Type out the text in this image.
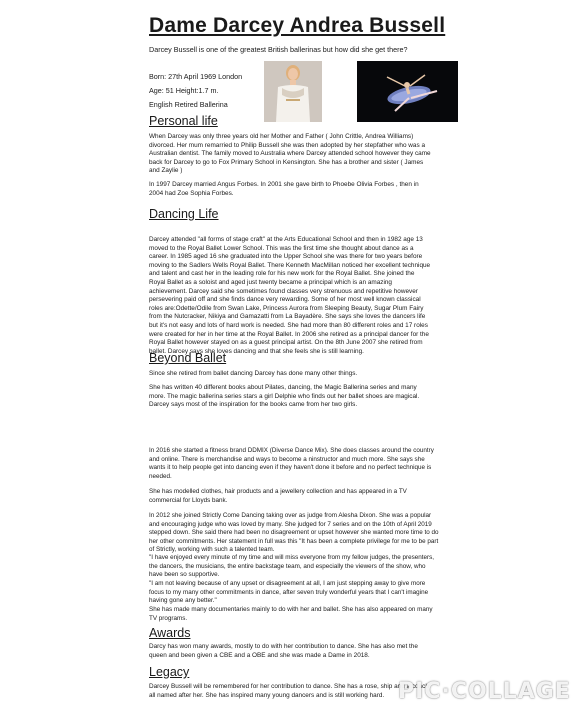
Dame Darcey Andrea Bussell

Darcey Bussell is one of the greatest British ballerinas but how did she get there?

Born: 27th April 1969 London
Age: 51 Height:1.7 m.
English Retired Ballerina
Personal life

When Darcey was only three years old her Mother and Father ( John Crittle, Andrea Williams) divorced. Her mum remarried to Philip Bussell she was then adopted by her stepfather who was a Australian dentist. The family moved to Australia where Darcey attended school however they came back for Darcey to go to Fox Primary School in Kensington. She has a brother and sister ( James and Zaylie )

In 1997 Darcey married Angus Forbes. In 2001 she gave birth to Phoebe Olivia Forbes , then in 2004 had Zoe Sophia Forbes.

Dancing Life

Darcey attended "all forms of stage craft" at the Arts Educational School and then in 1982 age 13 moved to the Royal Ballet Lower School. This was the first time she thought about dance as a career. In 1985 aged 16 she graduated into the Upper School she was there for two years before moving to the Sadlers Wells Royal Ballet. There Kenneth MacMillan noticed her excellent technique and talent and cast her in the leading role for his new work for the Royal Ballet. She joined the Royal Ballet as a soloist and aged just twenty became a principal which is an amazing achievement. Darcey said she sometimes found classes very strenuous and repetitive however persevering paid off and she finds dance very rewarding. Some of her most well known classical roles are:Odette/Odile from Swan Lake, Princess Aurora from Sleeping Beauty, Sugar Plum Fairy from the Nutcracker, Nikiya and Gamazatti from La Bayadère. She says she loves the dancers life but it's not easy and lots of hard work is needed. She had more than 80 different roles and 17 roles were created for her in her time at the Royal Ballet. In 2006 she retired as a principal dancer for the Royal Ballet however stayed on as a guest principal artist. On the 8th June 2007 she retired from ballet. Darcey says she loves dancing and that she feels she is still learning.

Beyond Ballet

Since she retired from ballet dancing Darcey has done many other things.

She has written 40 different books about Pilates, dancing, the Magic Ballerina series and many more. The magic ballerina series stars a girl Delphie who finds out her ballet shoes are magical. Darcey says most of the inspiration for the books came from her two girls.

In 2016 she started a fitness brand DDMIX (Diverse Dance Mix). She does classes around the country and online. There is merchandise and ways to become a ninstructor and much more. She says she wants it to help people get into dancing even if they haven't done it before and no perfect technique is needed.

She has modelled clothes, hair products and a jewellery collection and has appeared in a TV commercial for Lloyds bank.

In 2012 she joined Strictly Come Dancing taking over as judge from Alesha Dixon. She was a popular and encouraging judge who was loved by many. She judged for 7 series and on the 10th of April 2019 stepped down. She said there had been no disagreement or upset however she wanted more time to do her other commitments. Her statement in full was this "It has been a complete privilege for me to be part of Strictly, working with such a talented team.

"I have enjoyed every minute of my time and will miss everyone from my fellow judges, the presenters, the dancers, the musicians, the entire backstage team, and especially the viewers of the show, who have been so supportive.

"I am not leaving because of any upset or disagreement at all, I am just stepping away to give more focus to my many other commitments in dance, after seven truly wonderful years that I can't imagine having gone any better."

She has made many documentaries mainly to do with her and ballet. She has also appeared on many TV programs.

Awards

Darcy has won many awards, mostly to do with her contribution to dance. She has also met the queen and been given a CBE and a OBE and she was made a Dame in 2018.

Legacy

Darcey Bussell will be remembered for her contribution to dance. She has a rose, ship and a coach all named after her. She has inspired many young dancers and is still working hard. PIC·COLLAGE
